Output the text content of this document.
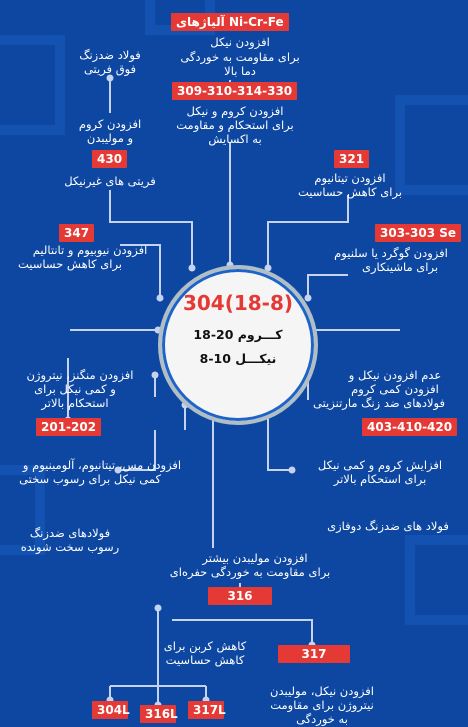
304(18-8)
کـــروم 20-18
نیکـــل 10-8
آلیاژهای Ni-Cr-Fe
افزودن نیکل
برای مقاومت به خوردگی
دما بالا
309-310-314-330
افزودن کروم و نیکل
برای استحکام و مقاومت
به اکسایش
فولاد ضدزنگ
فوق فریتی
افزودن کروم
و مولیبدن
430
فریتی های غیرنیکل
321
افزودن تیتانیوم
برای کاهش حساسیت
347
افزودن نیوبیوم و تانتالیم
برای کاهش حساسیت
303-303 Se
افزودن گوگرد یا سلنیوم
برای ماشینکاری
افزودن منگنز، نیتروژن
و کمی نیکل برای
استحکام بالاتر
201-202
عدم افزودن نیکل و
افزودن کمی کروم
فولادهای ضد زنگ مارتنزیتی
403-410-420
افزودن مس، تیتانیوم، آلومینیوم و
کمی نیکل برای رسوب سختی
افزایش کروم و کمی نیکل
برای استحکام بالاتر
فولادهای ضدزنگ
رسوب سخت شونده
فولاد های ضدزنگ دوفازی
افزودن مولیبدن بیشتر
برای مقاومت به خوردگی حفره‌ای
316
کاهش کربن برای
کاهش حساسیت	317
افزودن نیکل، مولیبدن
نیتروژن برای مقاومت
به خوردگی
304L	316L	317L
